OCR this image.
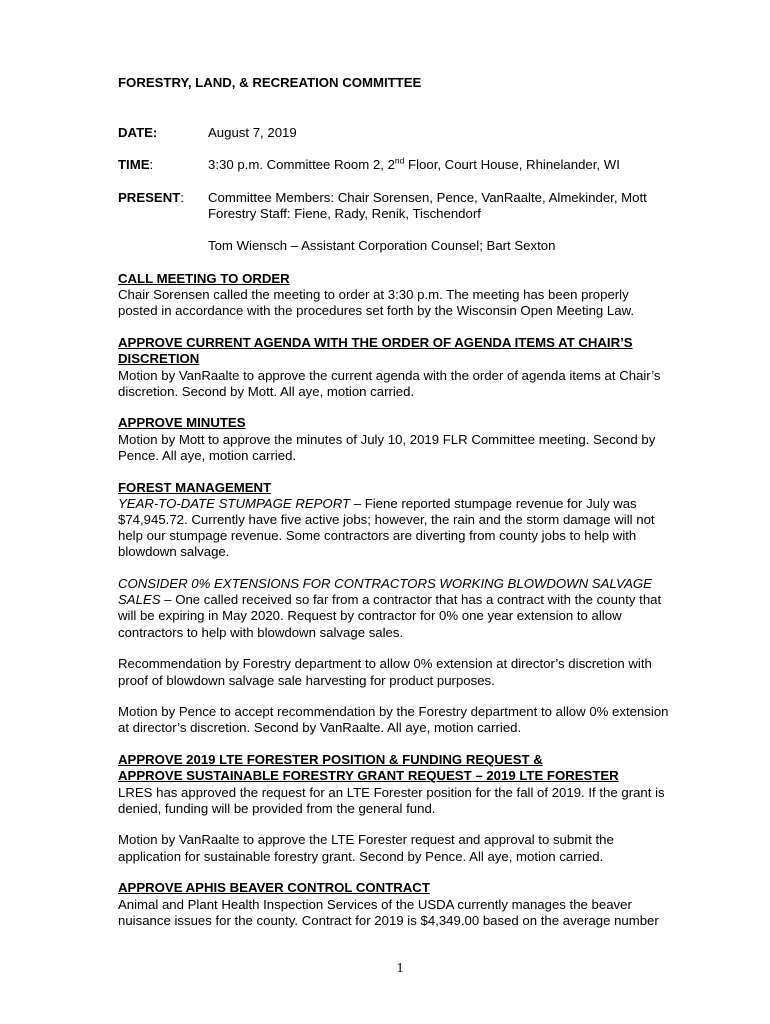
FORESTRY, LAND, & RECREATION COMMITTEE
DATE:	August 7, 2019
TIME:	3:30 p.m. Committee Room 2, 2nd Floor, Court House, Rhinelander, WI
PRESENT: Committee Members: Chair Sorensen, Pence, VanRaalte, Almekinder, Mott
Forestry Staff: Fiene, Rady, Renik, Tischendorf
Tom Wiensch – Assistant Corporation Counsel; Bart Sexton
CALL MEETING TO ORDER
Chair Sorensen called the meeting to order at 3:30 p.m. The meeting has been properly
posted in accordance with the procedures set forth by the Wisconsin Open Meeting Law.
APPROVE CURRENT AGENDA WITH THE ORDER OF AGENDA ITEMS AT CHAIR’S
DISCRETION
Motion by VanRaalte to approve the current agenda with the order of agenda items at Chair’s
discretion. Second by Mott. All aye, motion carried.
APPROVE MINUTES
Motion by Mott to approve the minutes of July 10, 2019 FLR Committee meeting. Second by
Pence. All aye, motion carried.

FOREST MANAGEMENT
YEAR-TO-DATE STUMPAGE REPORT – Fiene reported stumpage revenue for July was
$74,945.72. Currently have five active jobs; however, the rain and the storm damage will not
help our stumpage revenue. Some contractors are diverting from county jobs to help with
blowdown salvage.

CONSIDER 0% EXTENSIONS FOR CONTRACTORS WORKING BLOWDOWN SALVAGE
SALES – One called received so far from a contractor that has a contract with the county that
will be expiring in May 2020. Request by contractor for 0% one year extension to allow
contractors to help with blowdown salvage sales.

Recommendation by Forestry department to allow 0% extension at director’s discretion with
proof of blowdown salvage sale harvesting for product purposes.

Motion by Pence to accept recommendation by the Forestry department to allow 0% extension
at director’s discretion. Second by VanRaalte. All aye, motion carried.

APPROVE 2019 LTE FORESTER POSITION & FUNDING REQUEST &
APPROVE SUSTAINABLE FORESTRY GRANT REQUEST – 2019 LTE FORESTER
LRES has approved the request for an LTE Forester position for the fall of 2019. If the grant is
denied, funding will be provided from the general fund.

Motion by VanRaalte to approve the LTE Forester request and approval to submit the
application for sustainable forestry grant. Second by Pence. All aye, motion carried.

APPROVE APHIS BEAVER CONTROL CONTRACT
Animal and Plant Health Inspection Services of the USDA currently manages the beaver
nuisance issues for the county. Contract for 2019 is $4,349.00 based on the average number
1
